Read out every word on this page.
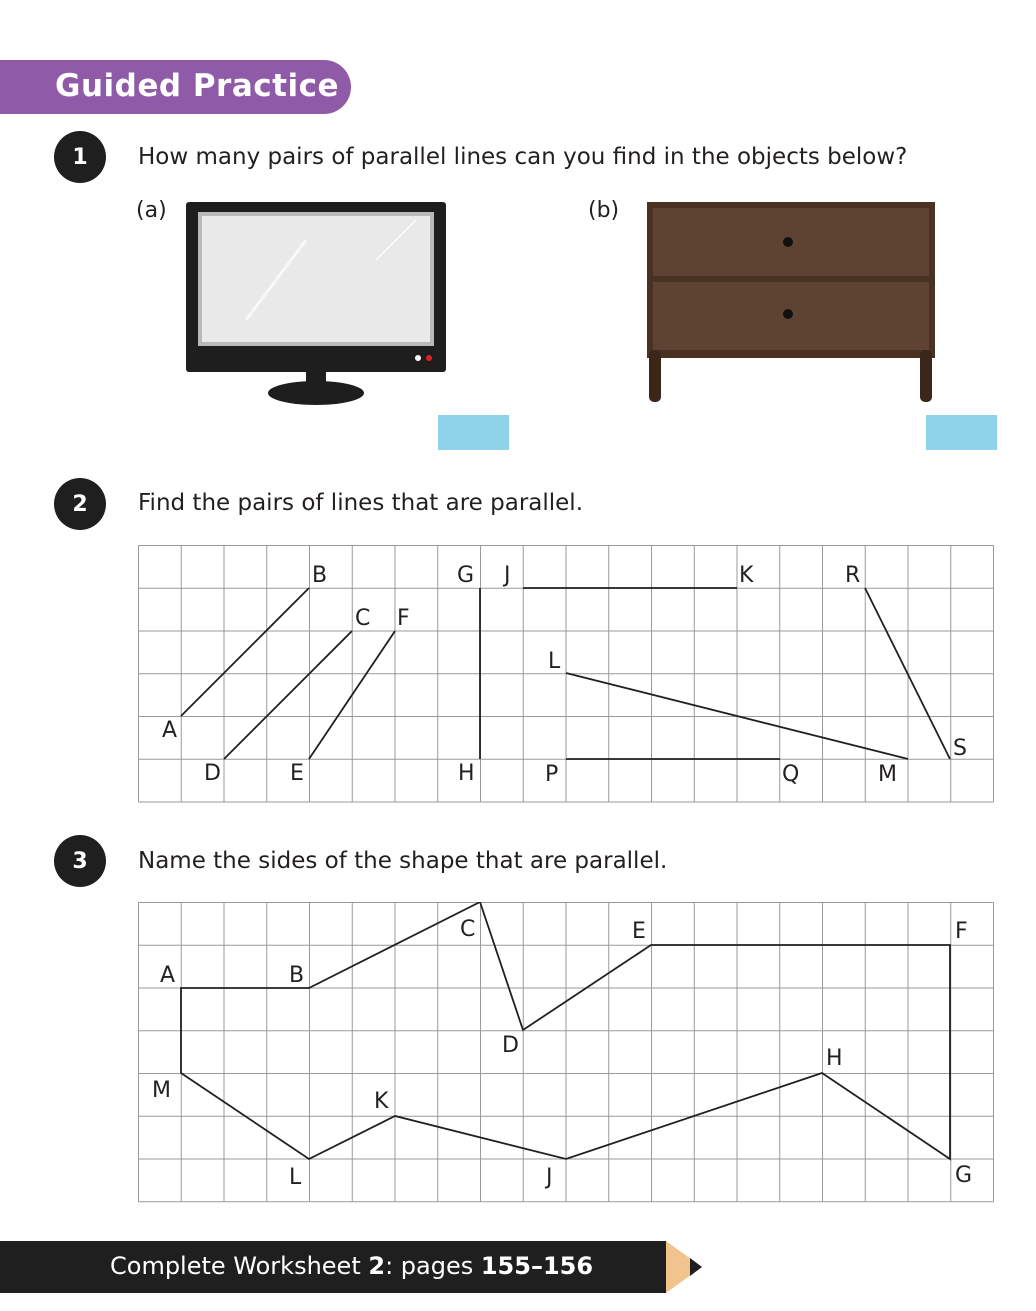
Guided Practice
1	How many pairs of parallel lines can you find in the objects below?
(a)	(b)
2	Find the pairs of lines that are parallel.
A
B
C
D	E
F
G
H
J	K
L
M
P	Q
R
S
3	Name the sides of the shape that are parallel.
A	B
C
D
E	F
G
H
J
K
L
M
Complete Worksheet 2: pages 155–156
